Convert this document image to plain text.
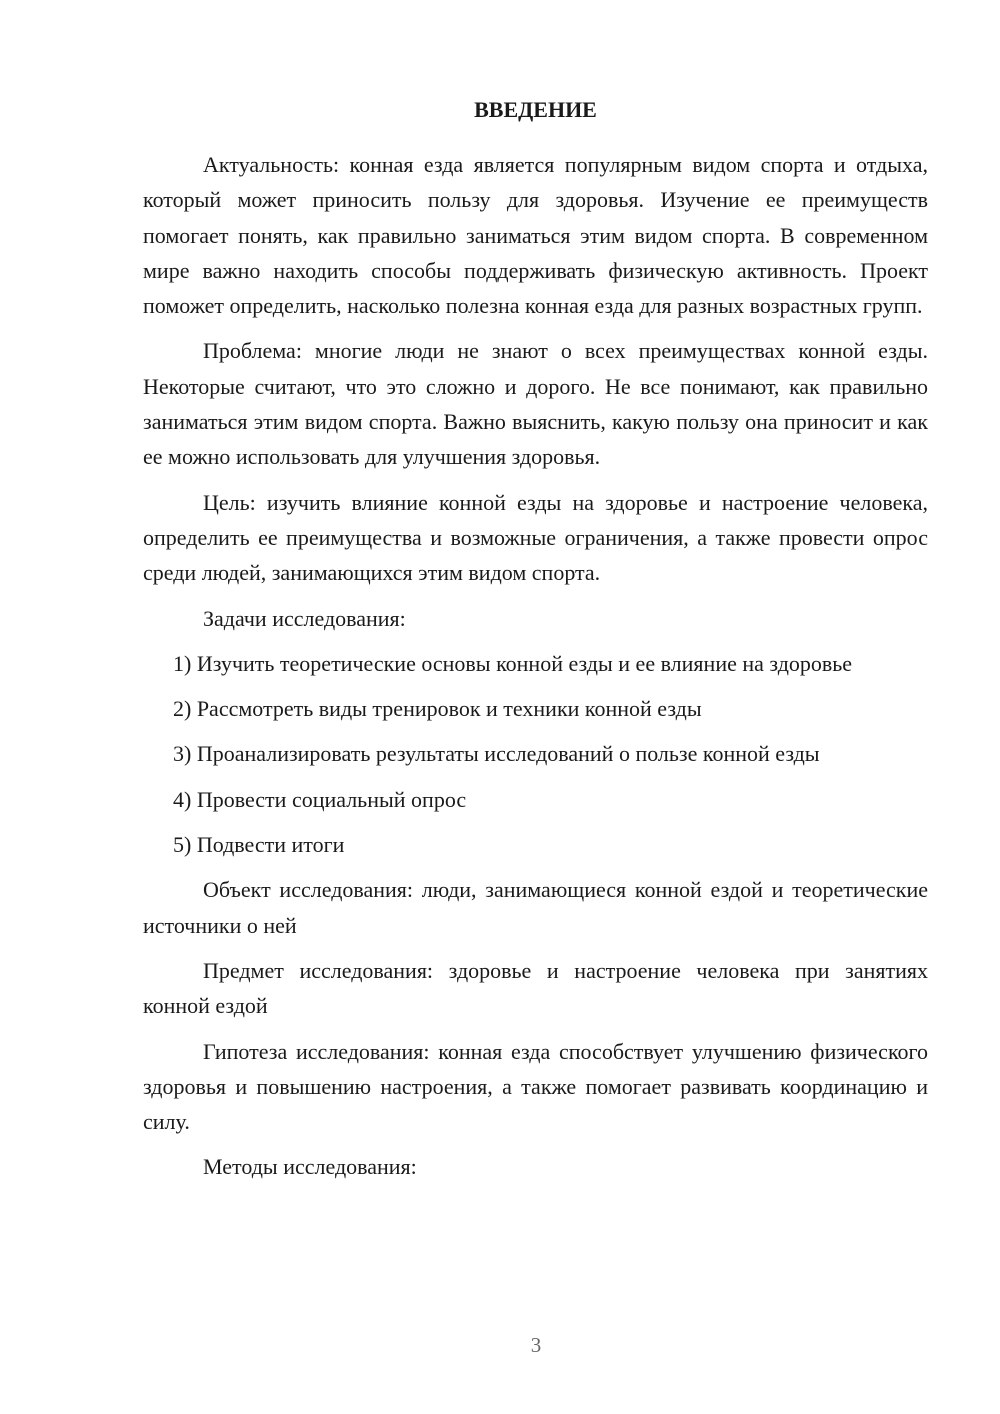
ВВЕДЕНИЕ

Актуальность: конная езда является популярным видом спорта и отдыха, который может приносить пользу для здоровья. Изучение ее преимуществ помогает понять, как правильно заниматься этим видом спорта. В современном мире важно находить способы поддерживать физическую активность. Проект поможет определить, насколько полезна конная езда для разных возрастных групп.

Проблема: многие люди не знают о всех преимуществах конной езды. Некоторые считают, что это сложно и дорого. Не все понимают, как правильно заниматься этим видом спорта. Важно выяснить, какую пользу она приносит и как ее можно использовать для улучшения здоровья.

Цель: изучить влияние конной езды на здоровье и настроение человека, определить ее преимущества и возможные ограничения, а также провести опрос среди людей, занимающихся этим видом спорта.

Задачи исследования:

1) Изучить теоретические основы конной езды и ее влияние на здоровье

2) Рассмотреть виды тренировок и техники конной езды

3) Проанализировать результаты исследований о пользе конной езды

4) Провести социальный опрос

5) Подвести итоги

Объект исследования: люди, занимающиеся конной ездой и теоретические источники о ней

Предмет исследования: здоровье и настроение человека при занятиях конной ездой

Гипотеза исследования: конная езда способствует улучшению физического здоровья и повышению настроения, а также помогает развивать координацию и силу.

Методы исследования:

3
